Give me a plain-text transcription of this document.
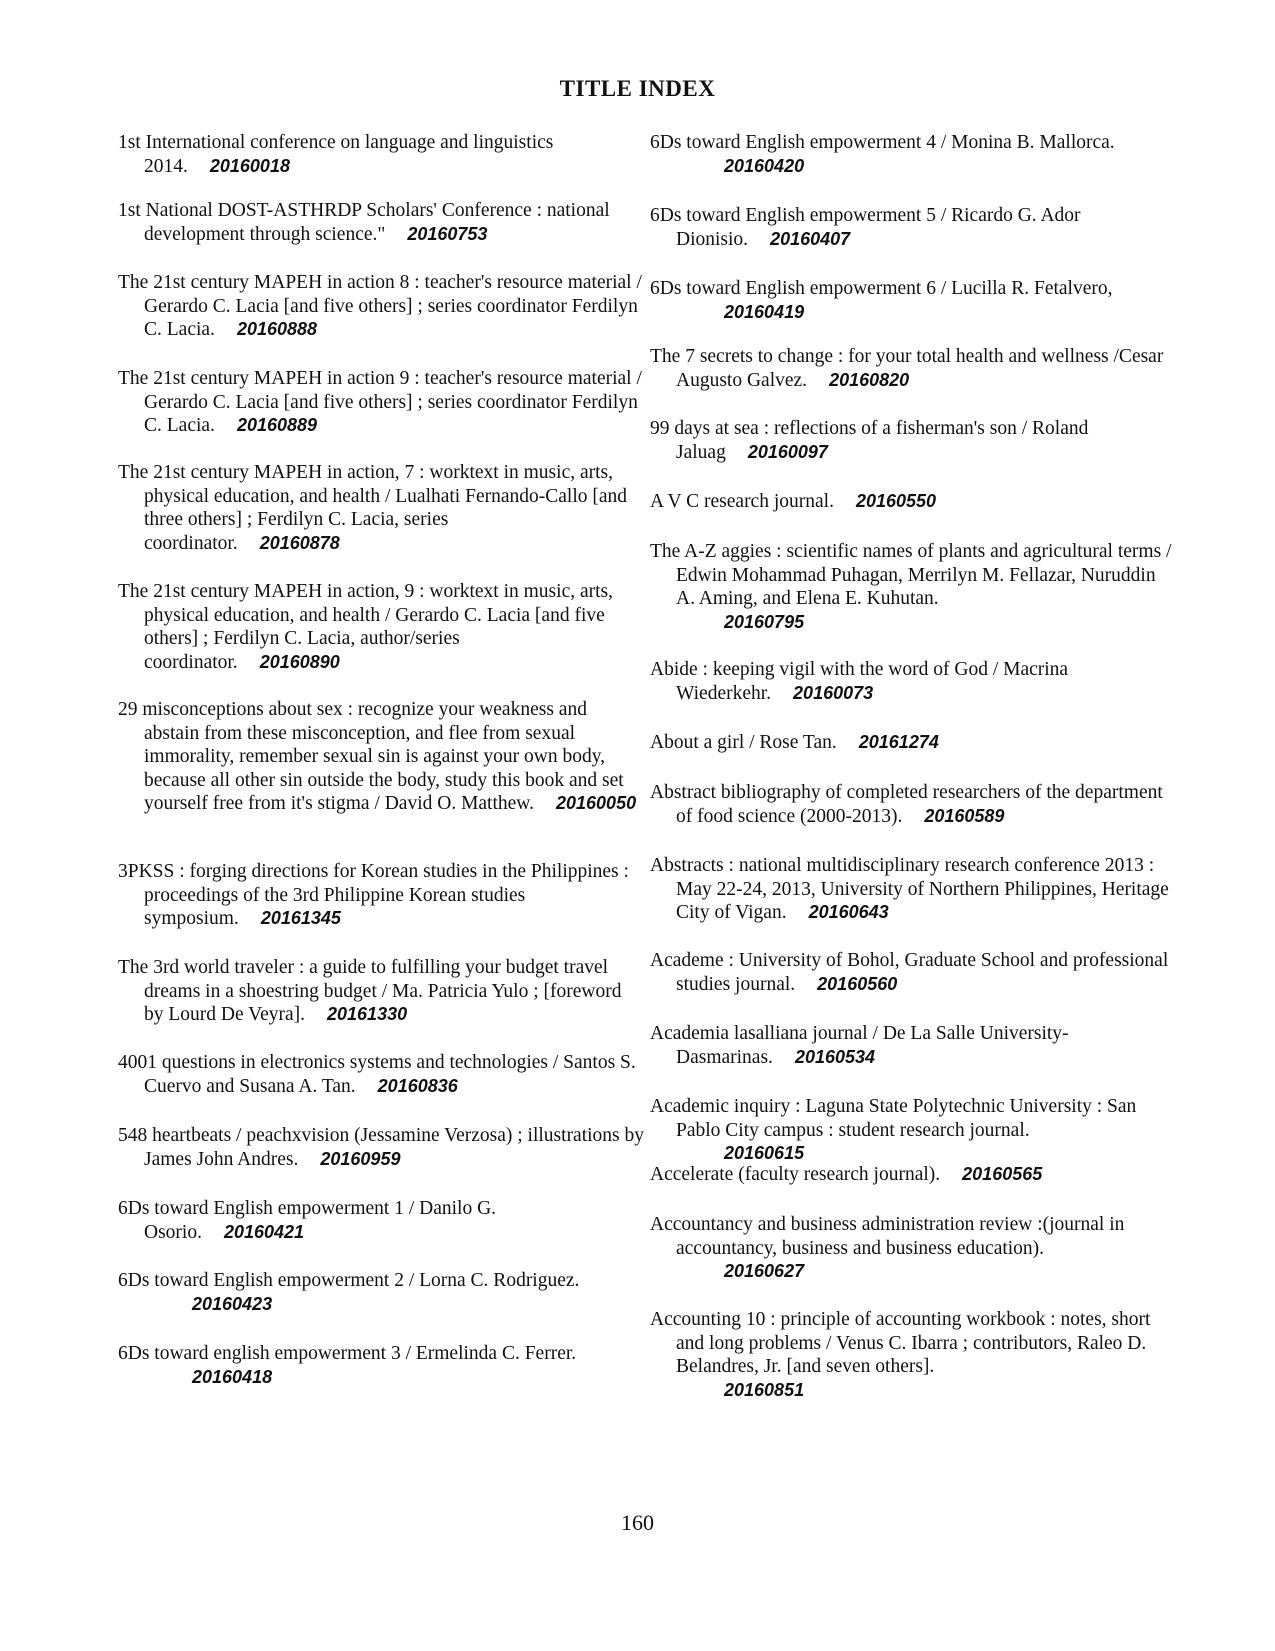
TITLE INDEX
1st International conference on language and linguistics 2014. 20160018
1st National DOST-ASTHRDP Scholars' Conference : national development through science." 20160753
The 21st century MAPEH in action 8 : teacher's resource material / Gerardo C. Lacia [and five others] ; series coordinator Ferdilyn C. Lacia. 20160888
The 21st century MAPEH in action 9 : teacher's resource material / Gerardo C. Lacia [and five others] ; series coordinator Ferdilyn C. Lacia. 20160889
The 21st century MAPEH in action, 7 : worktext in music, arts, physical education, and health / Lualhati Fernando-Callo [and three others] ; Ferdilyn C. Lacia, series coordinator. 20160878
The 21st century MAPEH in action, 9 : worktext in music, arts, physical education, and health / Gerardo C. Lacia [and five others] ; Ferdilyn C. Lacia, author/series coordinator. 20160890
29 misconceptions about sex : recognize your weakness and abstain from these misconception, and flee from sexual immorality, remember sexual sin is against your own body, because all other sin outside the body, study this book and set yourself free from it's stigma / David O. Matthew. 20160050
3PKSS : forging directions for Korean studies in the Philippines : proceedings of the 3rd Philippine Korean studies symposium. 20161345
The 3rd world traveler : a guide to fulfilling your budget travel dreams in a shoestring budget / Ma. Patricia Yulo ; [foreword by Lourd De Veyra]. 20161330
4001 questions in electronics systems and technologies / Santos S. Cuervo and Susana A. Tan. 20160836
548 heartbeats / peachxvision (Jessamine Verzosa) ; illustrations by James John Andres. 20160959
6Ds toward English empowerment 1 / Danilo G. Osorio. 20160421
6Ds toward English empowerment 2 / Lorna C. Rodriguez.
20160423
6Ds toward english empowerment 3 / Ermelinda C. Ferrer.
20160418
6Ds toward English empowerment 4 / Monina B. Mallorca.
20160420
6Ds toward English empowerment 5 / Ricardo G. Ador Dionisio. 20160407
6Ds toward English empowerment 6 / Lucilla R. Fetalvero,
20160419
The 7 secrets to change : for your total health and wellness /Cesar Augusto Galvez. 20160820
99 days at sea : reflections of a fisherman's son / Roland Jaluag 20160097
A V C research journal. 20160550
The A-Z aggies : scientific names of plants and agricultural terms / Edwin Mohammad Puhagan, Merrilyn M. Fellazar, Nuruddin A. Aming, and Elena E. Kuhutan.
20160795
Abide : keeping vigil with the word of God / Macrina Wiederkehr. 20160073
About a girl / Rose Tan. 20161274
Abstract bibliography of completed researchers of the department of food science (2000-2013). 20160589
Abstracts : national multidisciplinary research conference 2013 : May 22-24, 2013, University of Northern Philippines, Heritage City of Vigan. 20160643
Academe : University of Bohol, Graduate School and professional studies journal. 20160560
Academia lasalliana journal / De La Salle University-Dasmarinas. 20160534
Academic inquiry : Laguna State Polytechnic University : San Pablo City campus : student research journal.
20160615
Accelerate (faculty research journal). 20160565
Accountancy and business administration review :(journal in accountancy, business and business education).
20160627
Accounting 10 : principle of accounting workbook : notes, short and long problems / Venus C. Ibarra ; contributors, Raleo D. Belandres, Jr. [and seven others].
20160851
160
